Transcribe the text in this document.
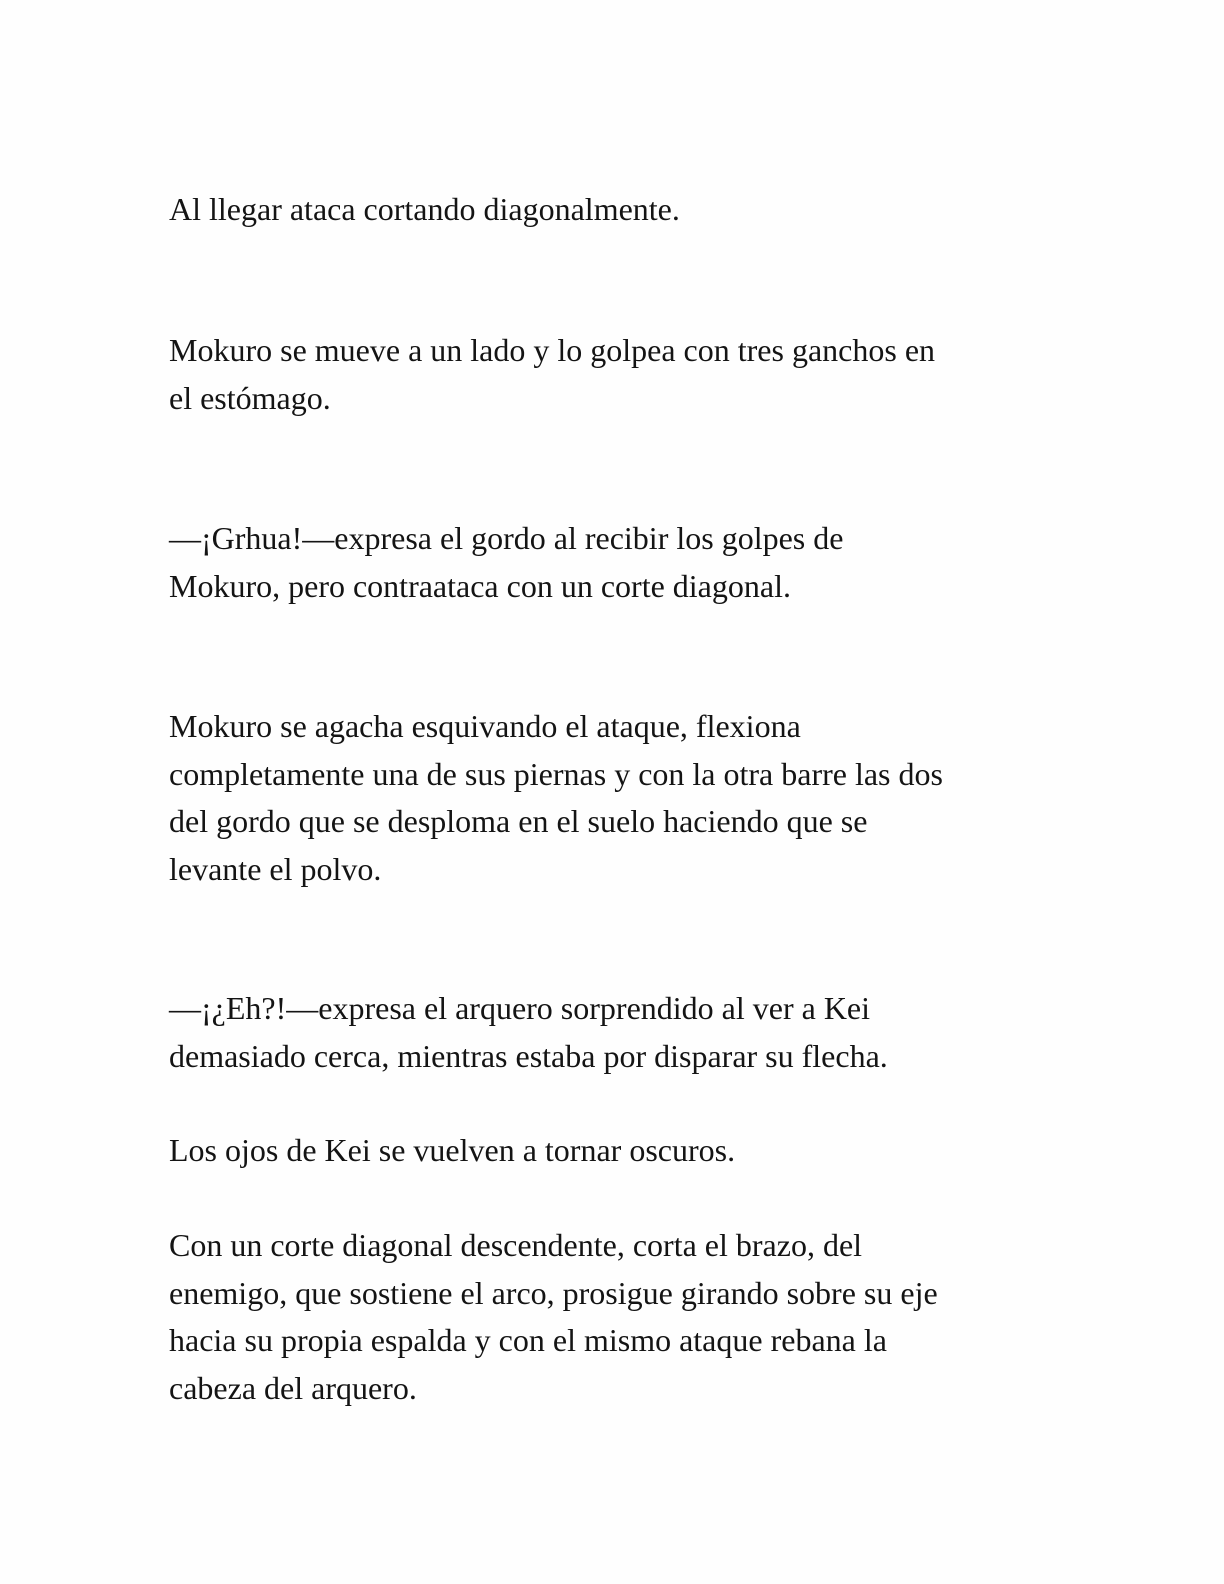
Al llegar ataca cortando diagonalmente.

Mokuro se mueve a un lado y lo golpea con tres ganchos en
el estómago.

—¡Grhua!—expresa el gordo al recibir los golpes de
Mokuro, pero contraataca con un corte diagonal.

Mokuro se agacha esquivando el ataque, flexiona
completamente una de sus piernas y con la otra barre las dos
del gordo que se desploma en el suelo haciendo que se
levante el polvo.

—¡¿Eh?!—expresa el arquero sorprendido al ver a Kei
demasiado cerca, mientras estaba por disparar su flecha.

Los ojos de Kei se vuelven a tornar oscuros.

Con un corte diagonal descendente, corta el brazo, del
enemigo, que sostiene el arco, prosigue girando sobre su eje
hacia su propia espalda y con el mismo ataque rebana la
cabeza del arquero.
